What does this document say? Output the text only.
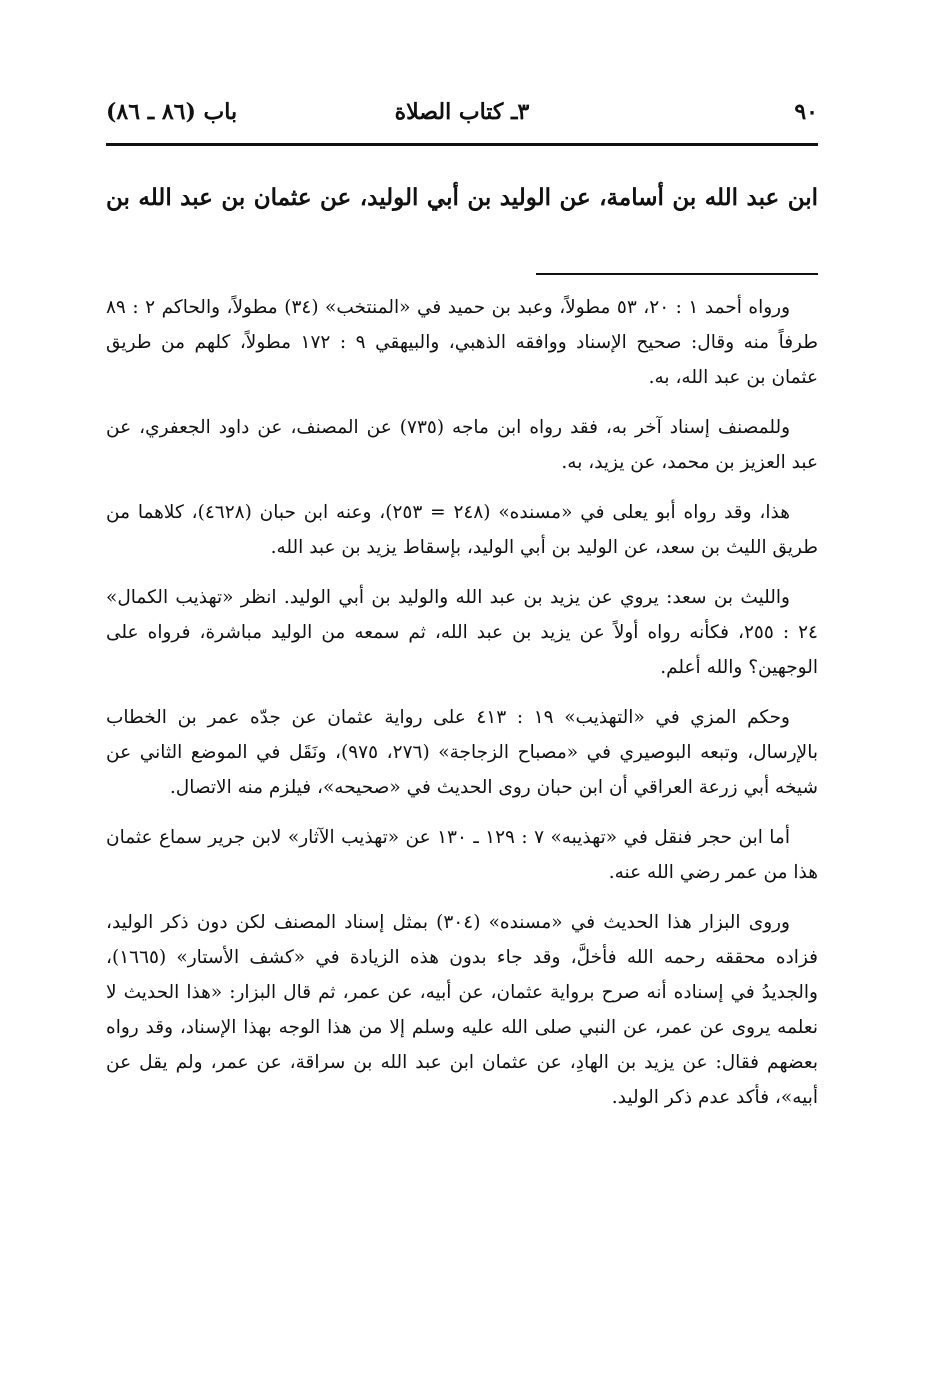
٩٠
٣ـ كتاب الصلاة
باب (٨٦ ـ ٨٦)

ابن عبد الله بن أسامة، عن الوليد بن أبي الوليد، عن عثمان بن عبد الله بن

ورواه أحمد ١ : ٢٠، ٥٣ مطولاً، وعبد بن حميد في «المنتخب» (٣٤) مطولاً، والحاكم ٢ : ٨٩ طرفاً منه وقال: صحيح الإسناد ووافقه الذهبي، والبيهقي ٩ : ١٧٢ مطولاً، كلهم من طريق عثمان بن عبد الله، به.

وللمصنف إسناد آخر به، فقد رواه ابن ماجه (٧٣٥) عن المصنف، عن داود الجعفري، عن عبد العزيز بن محمد، عن يزيد، به.

هذا، وقد رواه أبو يعلى في «مسنده» (٢٤٨ = ٢٥٣)، وعنه ابن حبان (٤٦٢٨)، كلاهما من طريق الليث بن سعد، عن الوليد بن أبي الوليد، بإسقاط يزيد بن عبد الله.

والليث بن سعد: يروي عن يزيد بن عبد الله والوليد بن أبي الوليد. انظر «تهذيب الكمال» ٢٤ : ٢٥٥، فكأنه رواه أولاً عن يزيد بن عبد الله، ثم سمعه من الوليد مباشرة، فرواه على الوجهين؟ والله أعلم.

وحكم المزي في «التهذيب» ١٩ : ٤١٣ على رواية عثمان عن جدّه عمر بن الخطاب بالإرسال، وتبعه البوصيري في «مصباح الزجاجة» (٢٧٦، ٩٧٥)، ونَقَل في الموضع الثاني عن شيخه أبي زرعة العراقي أن ابن حبان روى الحديث في «صحيحه»، فيلزم منه الاتصال.

أما ابن حجر فنقل في «تهذيبه» ٧ : ١٢٩ ـ ١٣٠ عن «تهذيب الآثار» لابن جرير سماع عثمان هذا من عمر رضي الله عنه.

وروى البزار هذا الحديث في «مسنده» (٣٠٤) بمثل إسناد المصنف لكن دون ذكر الوليد، فزاده محققه رحمه الله فأخلَّ، وقد جاء بدون هذه الزيادة في «كشف الأستار» (١٦٦٥)، والجديدُ في إسناده أنه صرح برواية عثمان، عن أبيه، عن عمر، ثم قال البزار: «هذا الحديث لا نعلمه يروى عن عمر، عن النبي صلى الله عليه وسلم إلا من هذا الوجه بهذا الإسناد، وقد رواه بعضهم فقال: عن يزيد بن الهادِ، عن عثمان ابن عبد الله بن سراقة، عن عمر، ولم يقل عن أبيه»، فأكد عدم ذكر الوليد.
